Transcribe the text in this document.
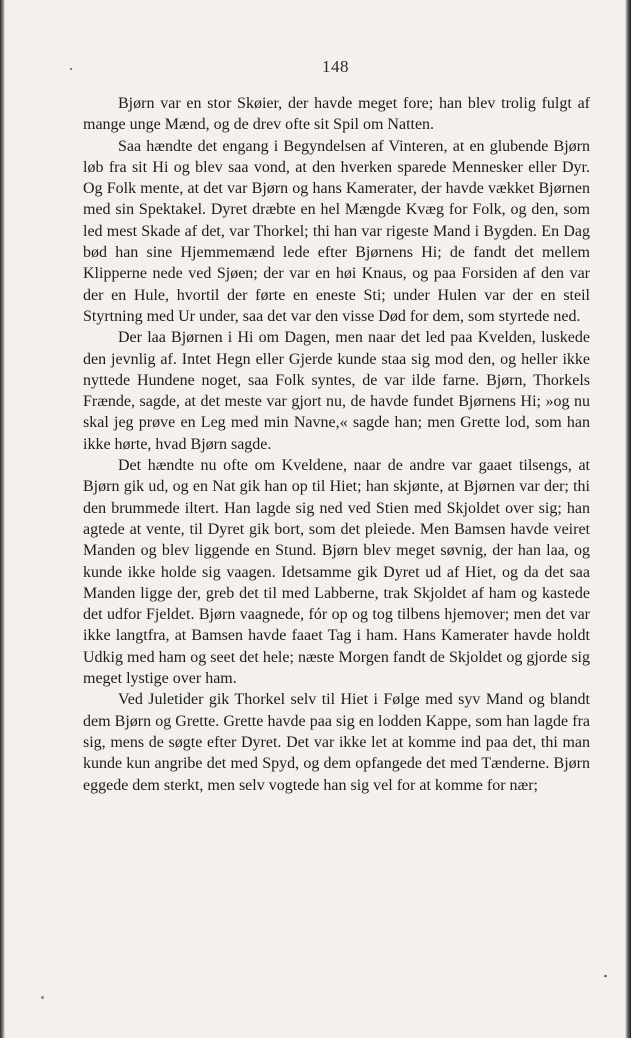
148

Bjørn var en stor Skøier, der havde meget fore; han blev trolig fulgt af mange unge Mænd, og de drev ofte sit Spil om Natten.

Saa hændte det engang i Begyndelsen af Vinteren, at en glubende Bjørn løb fra sit Hi og blev saa vond, at den hverken sparede Mennesker eller Dyr. Og Folk mente, at det var Bjørn og hans Kamerater, der havde vækket Bjørnen med sin Spektakel. Dyret dræbte en hel Mængde Kvæg for Folk, og den, som led mest Skade af det, var Thorkel; thi han var rigeste Mand i Bygden. En Dag bød han sine Hjemmemænd lede efter Bjørnens Hi; de fandt det mellem Klipperne nede ved Sjøen; der var en høi Knaus, og paa Forsiden af den var der en Hule, hvortil der førte en eneste Sti; under Hulen var der en steil Styrtning med Ur under, saa det var den visse Død for dem, som styrtede ned.

Der laa Bjørnen i Hi om Dagen, men naar det led paa Kvelden, luskede den jevnlig af. Intet Hegn eller Gjerde kunde staa sig mod den, og heller ikke nyttede Hundene noget, saa Folk syntes, de var ilde farne. Bjørn, Thorkels Frænde, sagde, at det meste var gjort nu, de havde fundet Bjørnens Hi; »og nu skal jeg prøve en Leg med min Navne,« sagde han; men Grette lod, som han ikke hørte, hvad Bjørn sagde.

Det hændte nu ofte om Kveldene, naar de andre var gaaet tilsengs, at Bjørn gik ud, og en Nat gik han op til Hiet; han skjønte, at Bjørnen var der; thi den brummede iltert. Han lagde sig ned ved Stien med Skjoldet over sig; han agtede at vente, til Dyret gik bort, som det pleiede. Men Bamsen havde veiret Manden og blev liggende en Stund. Bjørn blev meget søvnig, der han laa, og kunde ikke holde sig vaagen. Idetsamme gik Dyret ud af Hiet, og da det saa Manden ligge der, greb det til med Labberne, trak Skjoldet af ham og kastede det udfor Fjeldet. Bjørn vaagnede, fór op og tog tilbens hjemover; men det var ikke langtfra, at Bamsen havde faaet Tag i ham. Hans Kamerater havde holdt Udkig med ham og seet det hele; næste Morgen fandt de Skjoldet og gjorde sig meget lystige over ham.

Ved Juletider gik Thorkel selv til Hiet i Følge med syv Mand og blandt dem Bjørn og Grette. Grette havde paa sig en lodden Kappe, som han lagde fra sig, mens de søgte efter Dyret. Det var ikke let at komme ind paa det, thi man kunde kun angribe det med Spyd, og dem opfangede det med Tænderne. Bjørn eggede dem sterkt, men selv vogtede han sig vel for at komme for nær;
